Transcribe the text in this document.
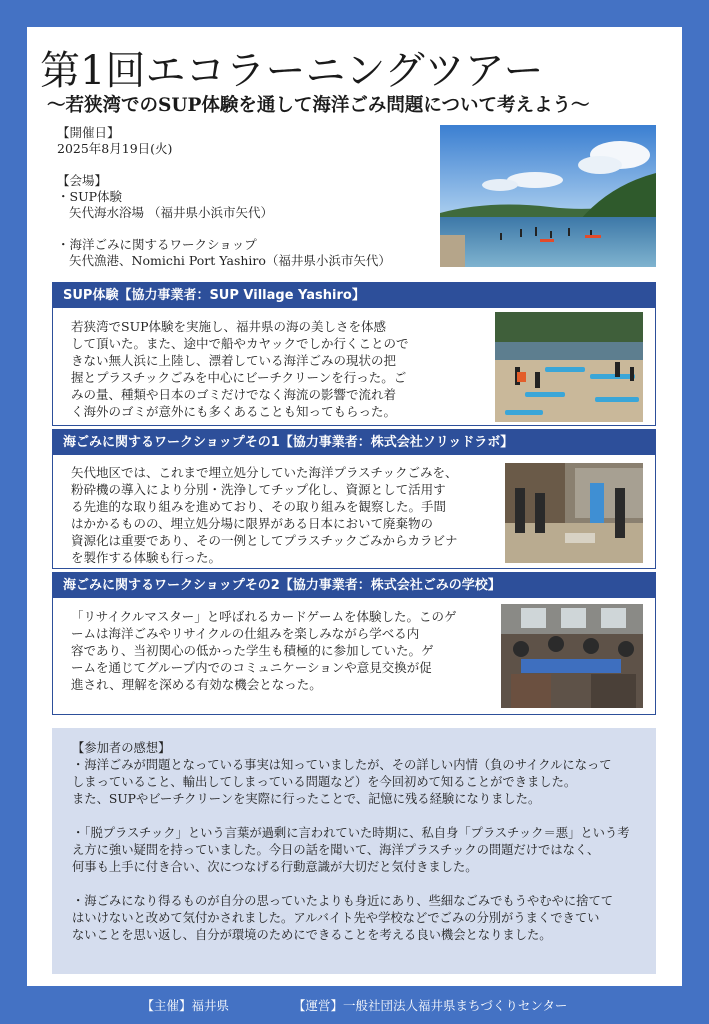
第1回エコラーニングツアー
～若狭湾でのSUP体験を通して海洋ごみ問題について考えよう～
【開催日】
2025年8月19日(火)
【会場】
・SUP体験
矢代海水浴場 （福井県小浜市矢代）
・海洋ごみに関するワークショップ
矢代漁港、Nomichi Port Yashiro（福井県小浜市矢代）
SUP体験【協力事業者：SUP Village Yashiro】
若狭湾でSUP体験を実施し、福井県の海の美しさを体感
して頂いた。また、途中で船やカヤックでしか行くことので
きない無人浜に上陸し、漂着している海洋ごみの現状の把
握とプラスチックごみを中心にビーチクリーンを行った。ご
みの量、種類や日本のゴミだけでなく海流の影響で流れ着
く海外のゴミが意外にも多くあることも知ってもらった。
海ごみに関するワークショップその1【協力事業者：株式会社ソリッドラボ】
矢代地区では、これまで埋立処分していた海洋プラスチックごみを、
粉砕機の導入により分別・洗浄してチップ化し、資源として活用す
る先進的な取り組みを進めており、その取り組みを観察した。手間
はかかるものの、埋立処分場に限界がある日本において廃棄物の
資源化は重要であり、その一例としてプラスチックごみからカラビナ
を製作する体験も行った。
海ごみに関するワークショップその2【協力事業者：株式会社ごみの学校】
「リサイクルマスター」と呼ばれるカードゲームを体験した。このゲ
ームは海洋ごみやリサイクルの仕組みを楽しみながら学べる内
容であり、当初関心の低かった学生も積極的に参加していた。ゲ
ームを通じてグループ内でのコミュニケーションや意見交換が促
進され、理解を深める有効な機会となった。
【参加者の感想】
・海洋ごみが問題となっている事実は知っていましたが、その詳しい内情（負のサイクルになって
しまっていること、輸出してしまっている問題など）を今回初めて知ることができました。
また、SUPやビーチクリーンを実際に行ったことで、記憶に残る経験になりました。
・「脱プラスチック」という言葉が過剰に言われていた時期に、私自身「プラスチック＝悪」という考
え方に強い疑問を持っていました。今日の話を聞いて、海洋プラスチックの問題だけではなく、
何事も上手に付き合い、次につなげる行動意識が大切だと気付きました。
・海ごみになり得るものが自分の思っていたよりも身近にあり、些細なごみでもうやむやに捨てて
はいけないと改めて気付かされました。アルバイト先や学校などでごみの分別がうまくできてい
ないことを思い返し、自分が環境のためにできることを考える良い機会となりました。
【主催】福井県	【運営】一般社団法人福井県まちづくりセンター
